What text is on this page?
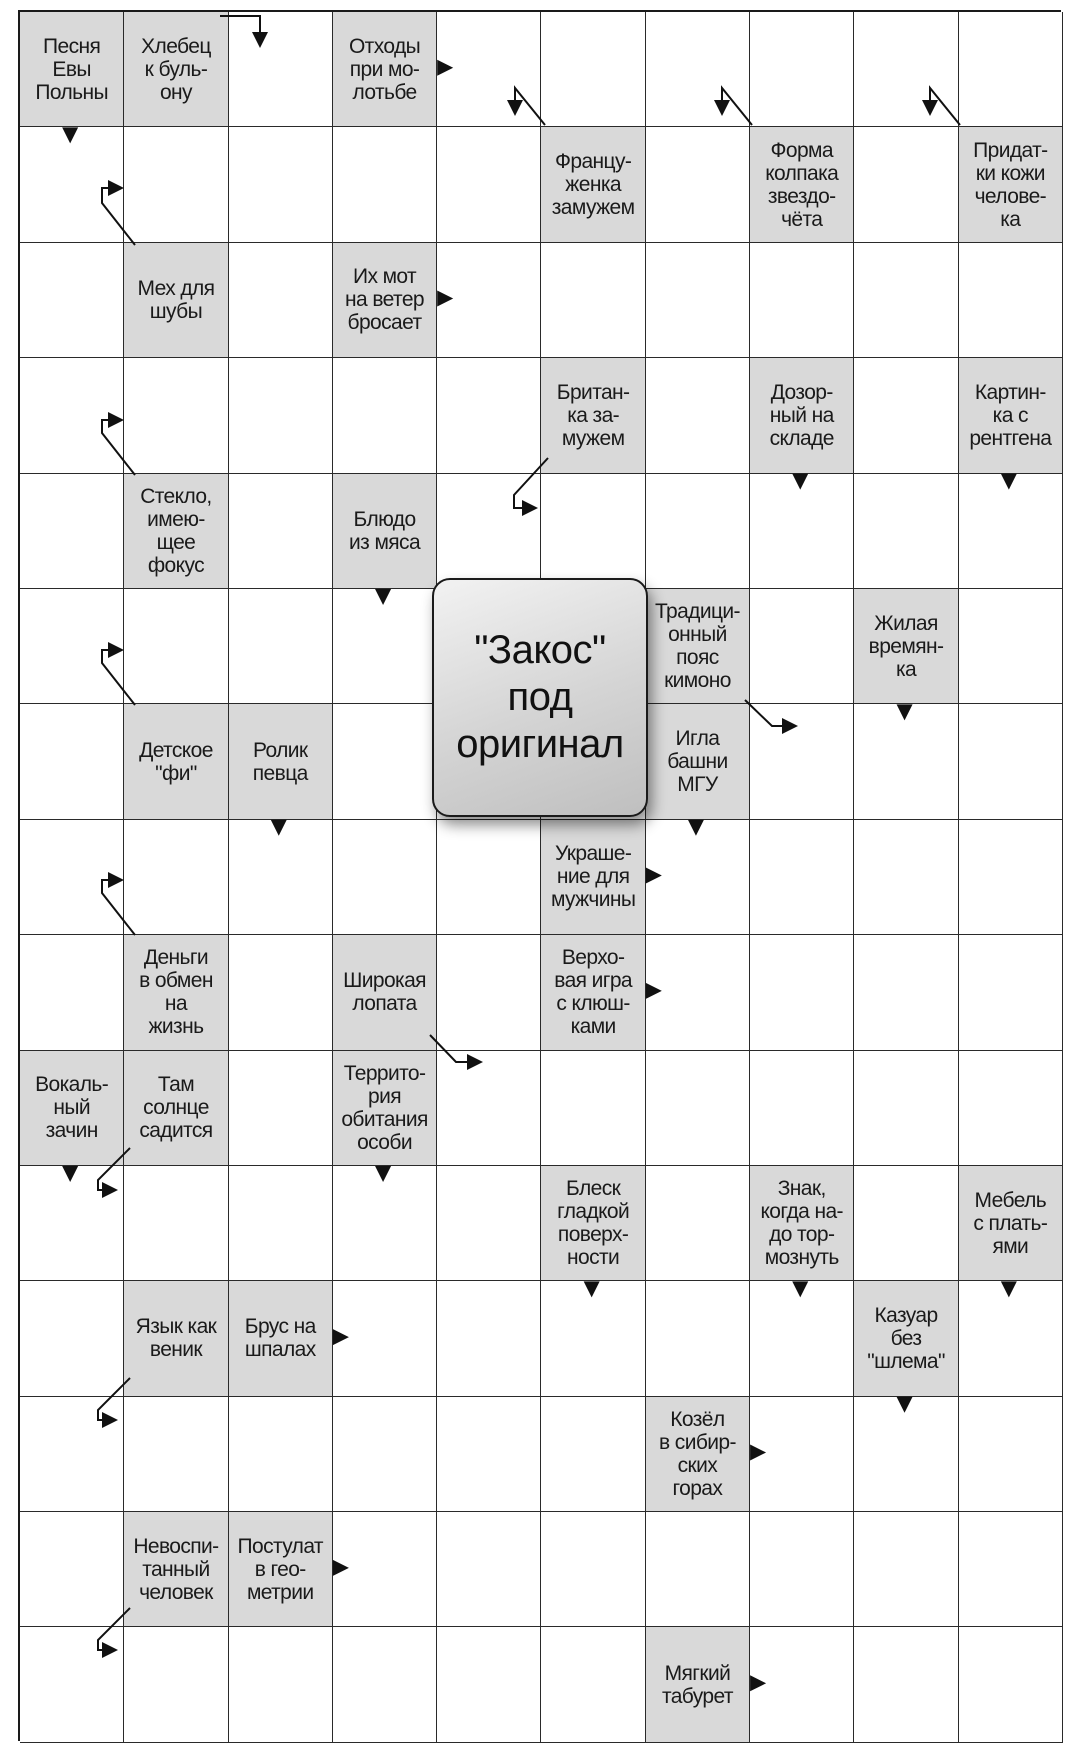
Песня
Евы
Польны
Хлебец
к буль-
ону
Отходы
при мо-
лотьбе
Францу-
женка
замужем
Форма
колпака
звездо-
чёта
Придат-
ки кожи
челове-
ка
Мех для
шубы
Их мот
на ветер
бросает
Британ-
ка за-
мужем
Дозор-
ный на
складе
Картин-
ка с
рентгена
Стекло,
имею-
щее
фокус
Блюдо
из мяса
Традици-
онный
пояс
кимоно
Жилая
времян-
ка
Детское
"фи"
Ролик
певца
Игла
башни
МГУ
Украше-
ние для
мужчины
Деньги
в обмен
на
жизнь
Широкая
лопата
Верхо-
вая игра
с клюш-
ками
Вокаль-
ный
зачин
Там
солнце
садится
Террито-
рия
обитания
особи
Блеск
гладкой
поверх-
ности
Знак,
когда на-
до тор-
мознуть
Мебель
с плать-
ями
Язык как
веник
Брус на
шпалах
Казуар
без
"шлема"
Козёл
в сибир-
ских
горах
Невоспи-
танный
человек
Постулат
в гео-
метрии
Мягкий
табурет
"Закос"
под
оригинал
